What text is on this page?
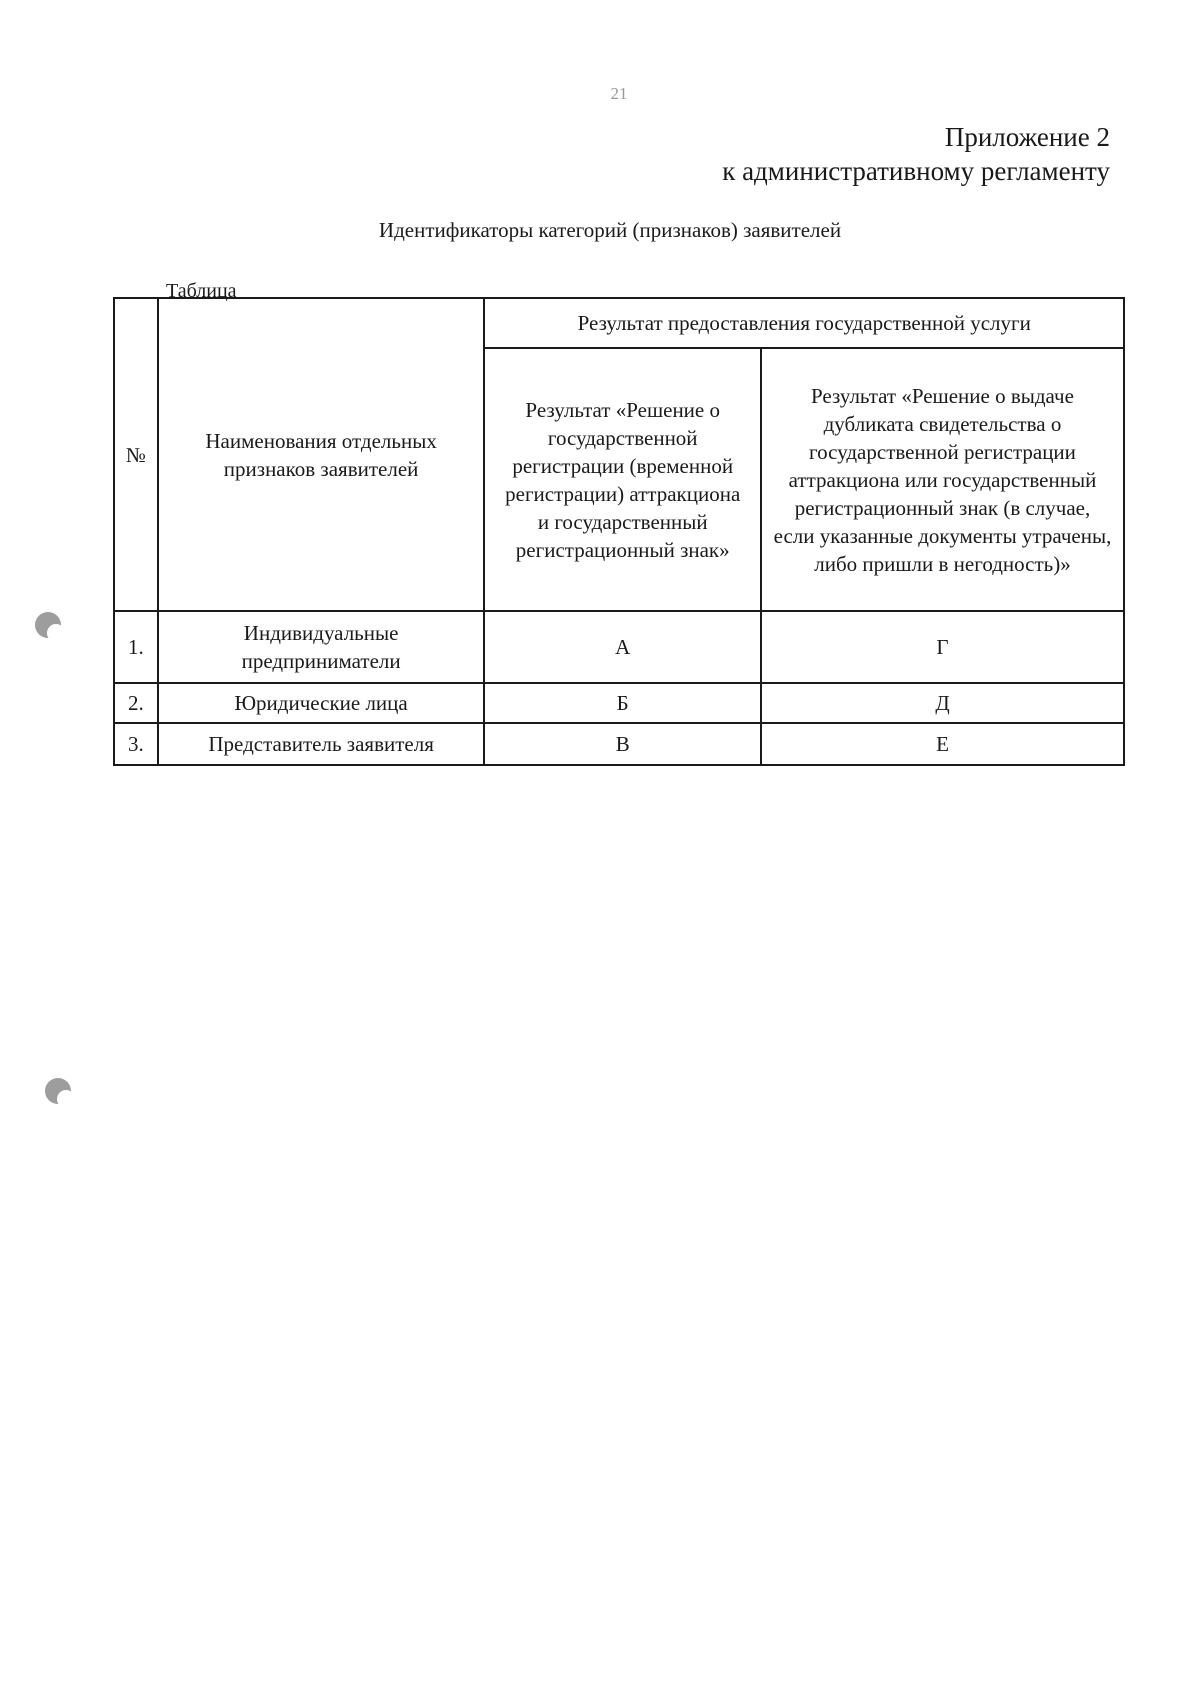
21
Приложение 2
к административному регламенту
Идентификаторы категорий (признаков) заявителей
Таблица
№	Наименования отдельных признаков заявителей	Результат предоставления государственной услуги	
		Результат «Решение о государственной регистрации (временной регистрации) аттракциона и государственный регистрационный знак»	Результат «Решение о выдаче дубликата свидетельства о государственной регистрации аттракциона или государственный регистрационный знак (в случае, если указанные документы утрачены, либо пришли в негодность)»
1.	Индивидуальные предприниматели	А	Г
2.	Юридические лица	Б	Д
3.	Представитель заявителя	В	Е
